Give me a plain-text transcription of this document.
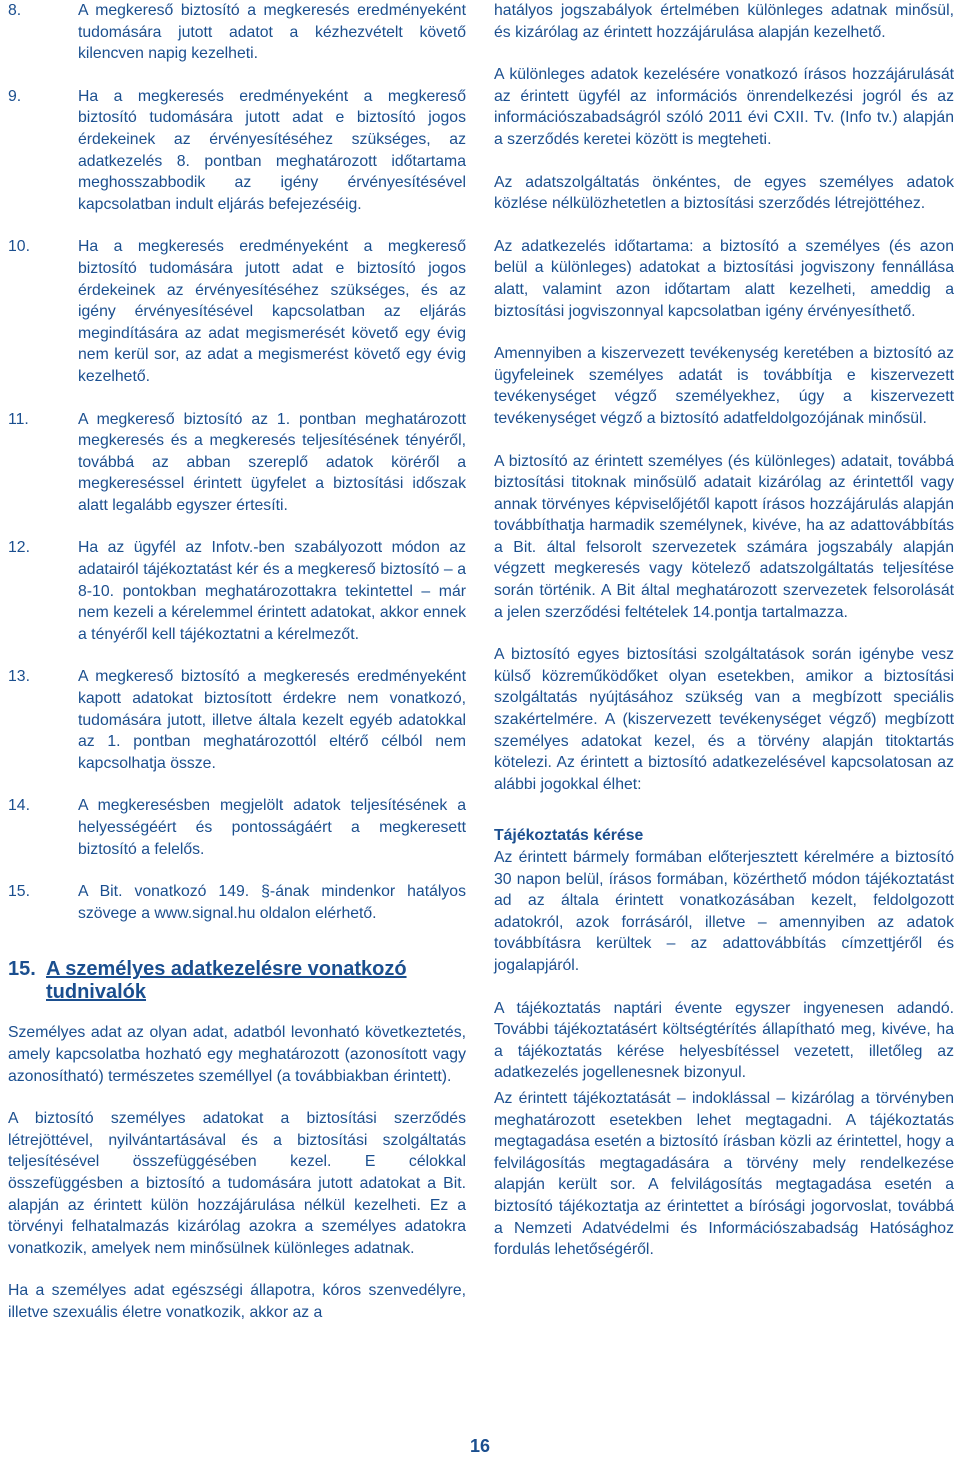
8.	A megkereső biztosító a megkeresés eredményeként tudomására jutott adatot a kézhezvételt követő kilencven napig kezelheti.
9.	Ha a megkeresés eredményeként a megkereső biztosító tudomására jutott adat e biztosító jogos érdekeinek az érvényesítéséhez szükséges, az adatkezelés 8. pontban meghatározott időtartama meghosszabbodik az igény érvényesítésével kapcsolatban indult eljárás befejezéséig.
10.	Ha a megkeresés eredményeként a megkereső biztosító tudomására jutott adat e biztosító jogos érdekeinek az érvényesítéséhez szükséges, és az igény érvényesítésével kapcsolatban az eljárás megindítására az adat megismerését követő egy évig nem kerül sor, az adat a megismerést követő egy évig kezelhető.
11.	A megkereső biztosító az 1. pontban meghatározott megkeresés és a megkeresés teljesítésének tényéről, továbbá az abban szereplő adatok köréről a megkereséssel érintett ügyfelet a biztosítási időszak alatt legalább egyszer értesíti.
12.	Ha az ügyfél az Infotv.-ben szabályozott módon az adatairól tájékoztatást kér és a megkereső biztosító – a 8-10. pontokban meghatározottakra tekintettel – már nem kezeli a kérelemmel érintett adatokat, akkor ennek a tényéről kell tájékoztatni a kérelmezőt.
13.	A megkereső biztosító a megkeresés eredményeként kapott adatokat biztosított érdekre nem vonatkozó, tudomására jutott, illetve általa kezelt egyéb adatokkal az 1. pontban meghatározottól eltérő célból nem kapcsolhatja össze.
14.	A megkeresésben megjelölt adatok teljesítésének a helyességéért és pontosságáért a megkeresett biztosító a felelős.
15.	A Bit. vonatkozó 149. §-ának mindenkor hatályos szövege a www.signal.hu oldalon elérhető.
15. A személyes adatkezelésre vonatkozó tudnivalók

Személyes adat az olyan adat, adatból levonható következtetés, amely kapcsolatba hozható egy meghatározott (azonosított vagy azonosítható) természetes személlyel (a továbbiakban érintett).

A biztosító személyes adatokat a biztosítási szerződés létrejöttével, nyilvántartásával és a biztosítási szolgáltatás teljesítésével összefüggésében kezel. E célokkal összefüggésben a biztosító a tudomására jutott adatokat a Bit. alapján az érintett külön hozzájárulása nélkül kezelheti. Ez a törvényi felhatalmazás kizárólag azokra a személyes adatokra vonatkozik, amelyek nem minősülnek különleges adatnak.

Ha a személyes adat egészségi állapotra, kóros szenvedélyre, illetve szexuális életre vonatkozik, akkor az a

hatályos jogszabályok értelmében különleges adatnak minősül, és kizárólag az érintett hozzájárulása alapján kezelhető.

A különleges adatok kezelésére vonatkozó írásos hozzájárulását az érintett ügyfél az információs önrendelkezési jogról és az információszabadságról szóló 2011 évi CXII. Tv. (Info tv.) alapján a szerződés keretei között is megteheti.

Az adatszolgáltatás önkéntes, de egyes személyes adatok közlése nélkülözhetetlen a biztosítási szerződés létrejöttéhez.

Az adatkezelés időtartama: a biztosító a személyes (és azon belül a különleges) adatokat a biztosítási jogviszony fennállása alatt, valamint azon időtartam alatt kezelheti, ameddig a biztosítási jogviszonnyal kapcsolatban igény érvényesíthető.

Amennyiben a kiszervezett tevékenység keretében a biztosító az ügyfeleinek személyes adatát is továbbítja e kiszervezett tevékenységet végző személyekhez, úgy a kiszervezett tevékenységet végző a biztosító adatfeldolgozójának minősül.

A biztosító az érintett személyes (és különleges) adatait, továbbá biztosítási titoknak minősülő adatait kizárólag az érintettől vagy annak törvényes képviselőjétől kapott írásos hozzájárulás alapján továbbíthatja harmadik személynek, kivéve, ha az adattovábbítás a Bit. által felsorolt szervezetek számára jogszabály alapján végzett megkeresés vagy kötelező adatszolgáltatás teljesítése során történik. A Bit által meghatározott szervezetek felsorolását a jelen szerződési feltételek 14.pontja tartalmazza.

A biztosító egyes biztosítási szolgáltatások során igénybe vesz külső közreműködőket olyan esetekben, amikor a biztosítási szolgáltatás nyújtásához szükség van a megbízott speciális szakértelmére. A (kiszervezett tevékenységet végző) megbízott személyes adatokat kezel, és a törvény alapján titoktartás kötelezi. Az érintett a biztosító adatkezelésével kapcsolatosan az alábbi jogokkal élhet:

Tájékoztatás kérése

Az érintett bármely formában előterjesztett kérelmére a biztosító 30 napon belül, írásos formában, közérthető módon tájékoztatást ad az általa érintett vonatkozásában kezelt, feldolgozott adatokról, azok forrásáról, illetve – amennyiben az adatok továbbításra kerültek – az adattovábbítás címzettjéről és jogalapjáról.

A tájékoztatás naptári évente egyszer ingyenesen adandó. További tájékoztatásért költségtérítés állapítható meg, kivéve, ha a tájékoztatás kérése helyesbítéssel vezetett, illetőleg az adatkezelés jogellenesnek bizonyul.

Az érintett tájékoztatását – indoklással – kizárólag a törvényben meghatározott esetekben lehet megtagadni. A tájékoztatás megtagadása esetén a biztosító írásban közli az érintettel, hogy a felvilágosítás megtagadására a törvény mely rendelkezése alapján került sor. A felvilágosítás megtagadása esetén a biztosító tájékoztatja az érintettet a bírósági jogorvoslat, továbbá a Nemzeti Adatvédelmi és Információszabadság Hatósághoz fordulás lehetőségéről.

16
